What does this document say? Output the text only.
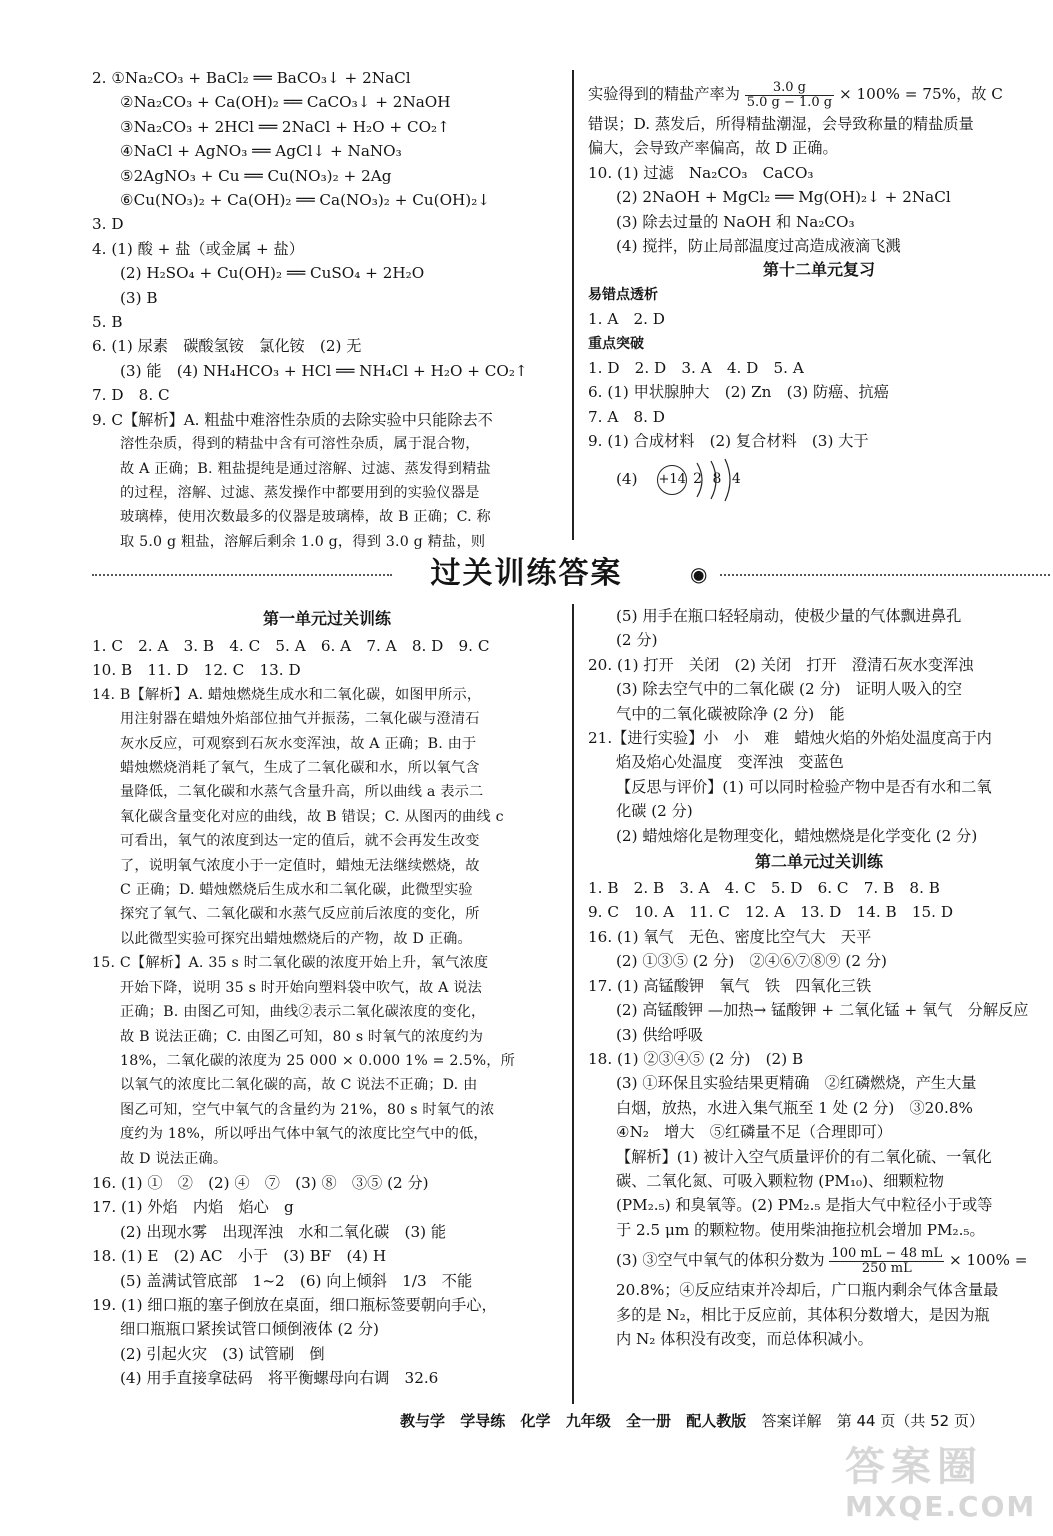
2. ①Na₂CO₃ + BaCl₂ ══ BaCO₃↓ + 2NaCl
②Na₂CO₃ + Ca(OH)₂ ══ CaCO₃↓ + 2NaOH
③Na₂CO₃ + 2HCl ══ 2NaCl + H₂O + CO₂↑
④NaCl + AgNO₃ ══ AgCl↓ + NaNO₃
⑤2AgNO₃ + Cu ══ Cu(NO₃)₂ + 2Ag
⑥Cu(NO₃)₂ + Ca(OH)₂ ══ Ca(NO₃)₂ + Cu(OH)₂↓
3. D
4. (1) 酸 + 盐（或金属 + 盐）
(2) H₂SO₄ + Cu(OH)₂ ══ CuSO₄ + 2H₂O
(3) B
5. B
6. (1) 尿素　碳酸氢铵　氯化铵　(2) 无
(3) 能　(4) NH₄HCO₃ + HCl ══ NH₄Cl + H₂O + CO₂↑
7. D　8. C
9. C【解析】A. 粗盐中难溶性杂质的去除实验中只能除去不
溶性杂质，得到的精盐中含有可溶性杂质，属于混合物，
故 A 正确；B. 粗盐提纯是通过溶解、过滤、蒸发得到精盐
的过程，溶解、过滤、蒸发操作中都要用到的实验仪器是
玻璃棒，使用次数最多的仪器是玻璃棒，故 B 正确；C. 称
取 5.0 g 粗盐，溶解后剩余 1.0 g，得到 3.0 g 精盐，则
实验得到的精盐产率为 $\frac{3.0 g}{5.0 g - 1.0 g} \times 100\% = 75\%$，故 C
错误；D. 蒸发后，所得精盐潮湿，会导致称量的精盐质量
偏大，会导致产率偏高，故 D 正确。
10. (1) 过滤　Na₂CO₃　CaCO₃
(2) 2NaOH + MgCl₂ ══ Mg(OH)₂↓ + 2NaCl
(3) 除去过量的 NaOH 和 Na₂CO₃
(4) 搅拌，防止局部温度过高造成液滴飞溅
第十二单元复习
易错点透析
1. A　2. D
重点突破
1. D　2. D　3. A　4. D　5. A
6. (1) 甲状腺肿大　(2) Zn　(3) 防癌、抗癌
7. A　8. D
9. (1) 合成材料　(2) 复合材料　(3) 大于
(4) +14 2 8 4
◉
过关训练答案
第一单元过关训练
1. C　2. A　3. B　4. C　5. A　6. A　7. A　8. D　9. C
10. B　11. D　12. C　13. D
14. B【解析】A. 蜡烛燃烧生成水和二氧化碳，如图甲所示，
用注射器在蜡烛外焰部位抽气并振荡，二氧化碳与澄清石
灰水反应，可观察到石灰水变浑浊，故 A 正确；B. 由于
蜡烛燃烧消耗了氧气，生成了二氧化碳和水，所以氧气含
量降低，二氧化碳和水蒸气含量升高，所以曲线 a 表示二
氧化碳含量变化对应的曲线，故 B 错误；C. 从图丙的曲线 c
可看出，氧气的浓度到达一定的值后，就不会再发生改变
了，说明氧气浓度小于一定值时，蜡烛无法继续燃烧，故
C 正确；D. 蜡烛燃烧后生成水和二氧化碳，此微型实验
探究了氧气、二氧化碳和水蒸气反应前后浓度的变化，所
以此微型实验可探究出蜡烛燃烧后的产物，故 D 正确。
15. C【解析】A. 35 s 时二氧化碳的浓度开始上升，氧气浓度
开始下降，说明 35 s 时开始向塑料袋中吹气，故 A 说法
正确；B. 由图乙可知，曲线②表示二氧化碳浓度的变化，
故 B 说法正确；C. 由图乙可知，80 s 时氧气的浓度约为
18%，二氧化碳的浓度为 25 000 × 0.000 1% = 2.5%，所
以氧气的浓度比二氧化碳的高，故 C 说法不正确；D. 由
图乙可知，空气中氧气的含量约为 21%，80 s 时氧气的浓
度约为 18%，所以呼出气体中氧气的浓度比空气中的低，
故 D 说法正确。
16. (1) ①　②　(2) ④　⑦　(3) ⑧　③⑤ (2 分)
17. (1) 外焰　内焰　焰心　g
(2) 出现水雾　出现浑浊　水和二氧化碳　(3) 能
18. (1) E　(2) AC　小于　(3) BF　(4) H
(5) 盖满试管底部　1~2　(6) 向上倾斜　1/3　不能
19. (1) 细口瓶的塞子倒放在桌面，细口瓶标签要朝向手心，
细口瓶瓶口紧挨试管口倾倒液体 (2 分)
(2) 引起火灾　(3) 试管刷　倒
(4) 用手直接拿砝码　将平衡螺母向右调　32.6
(5) 用手在瓶口轻轻扇动，使极少量的气体飘进鼻孔
(2 分)
20. (1) 打开　关闭　(2) 关闭　打开　澄清石灰水变浑浊
(3) 除去空气中的二氧化碳 (2 分)　证明人吸入的空
气中的二氧化碳被除净 (2 分)　能
21.【进行实验】小　小　难　蜡烛火焰的外焰处温度高于内
焰及焰心处温度　变浑浊　变蓝色
【反思与评价】(1) 可以同时检验产物中是否有水和二氧
化碳 (2 分)
(2) 蜡烛熔化是物理变化，蜡烛燃烧是化学变化 (2 分)
第二单元过关训练
1. B　2. B　3. A　4. C　5. D　6. C　7. B　8. B
9. C　10. A　11. C　12. A　13. D　14. B　15. D
16. (1) 氧气　无色、密度比空气大　天平
(2) ①③⑤ (2 分)　②④⑥⑦⑧⑨ (2 分)
17. (1) 高锰酸钾　氧气　铁　四氧化三铁
(2) 高锰酸钾 —加热→ 锰酸钾 + 二氧化锰 + 氧气　分解反应
(3) 供给呼吸
18. (1) ②③④⑤ (2 分)　(2) B
(3) ①环保且实验结果更精确　②红磷燃烧，产生大量
白烟，放热，水进入集气瓶至 1 处 (2 分)　③20.8%
④N₂　增大　⑤红磷量不足（合理即可）
【解析】(1) 被计入空气质量评价的有二氧化硫、一氧化
碳、二氧化氮、可吸入颗粒物 (PM₁₀)、细颗粒物
(PM₂.₅) 和臭氧等。(2) PM₂.₅ 是指大气中粒径小于或等
于 2.5 μm 的颗粒物。使用柴油拖拉机会增加 PM₂.₅。
(3) ③空气中氧气的体积分数为 $\frac{100 mL - 48 mL}{250 mL} \times 100\%$ =
20.8%；④反应结束并冷却后，广口瓶内剩余气体含量最
多的是 N₂，相比于反应前，其体积分数增大，是因为瓶
内 N₂ 体积没有改变，而总体积减小。
教与学 学导练 化学 九年级 全一册 配人教版 答案详解 第 44 页（共 52 页）
答案圈
MXQE.COM
